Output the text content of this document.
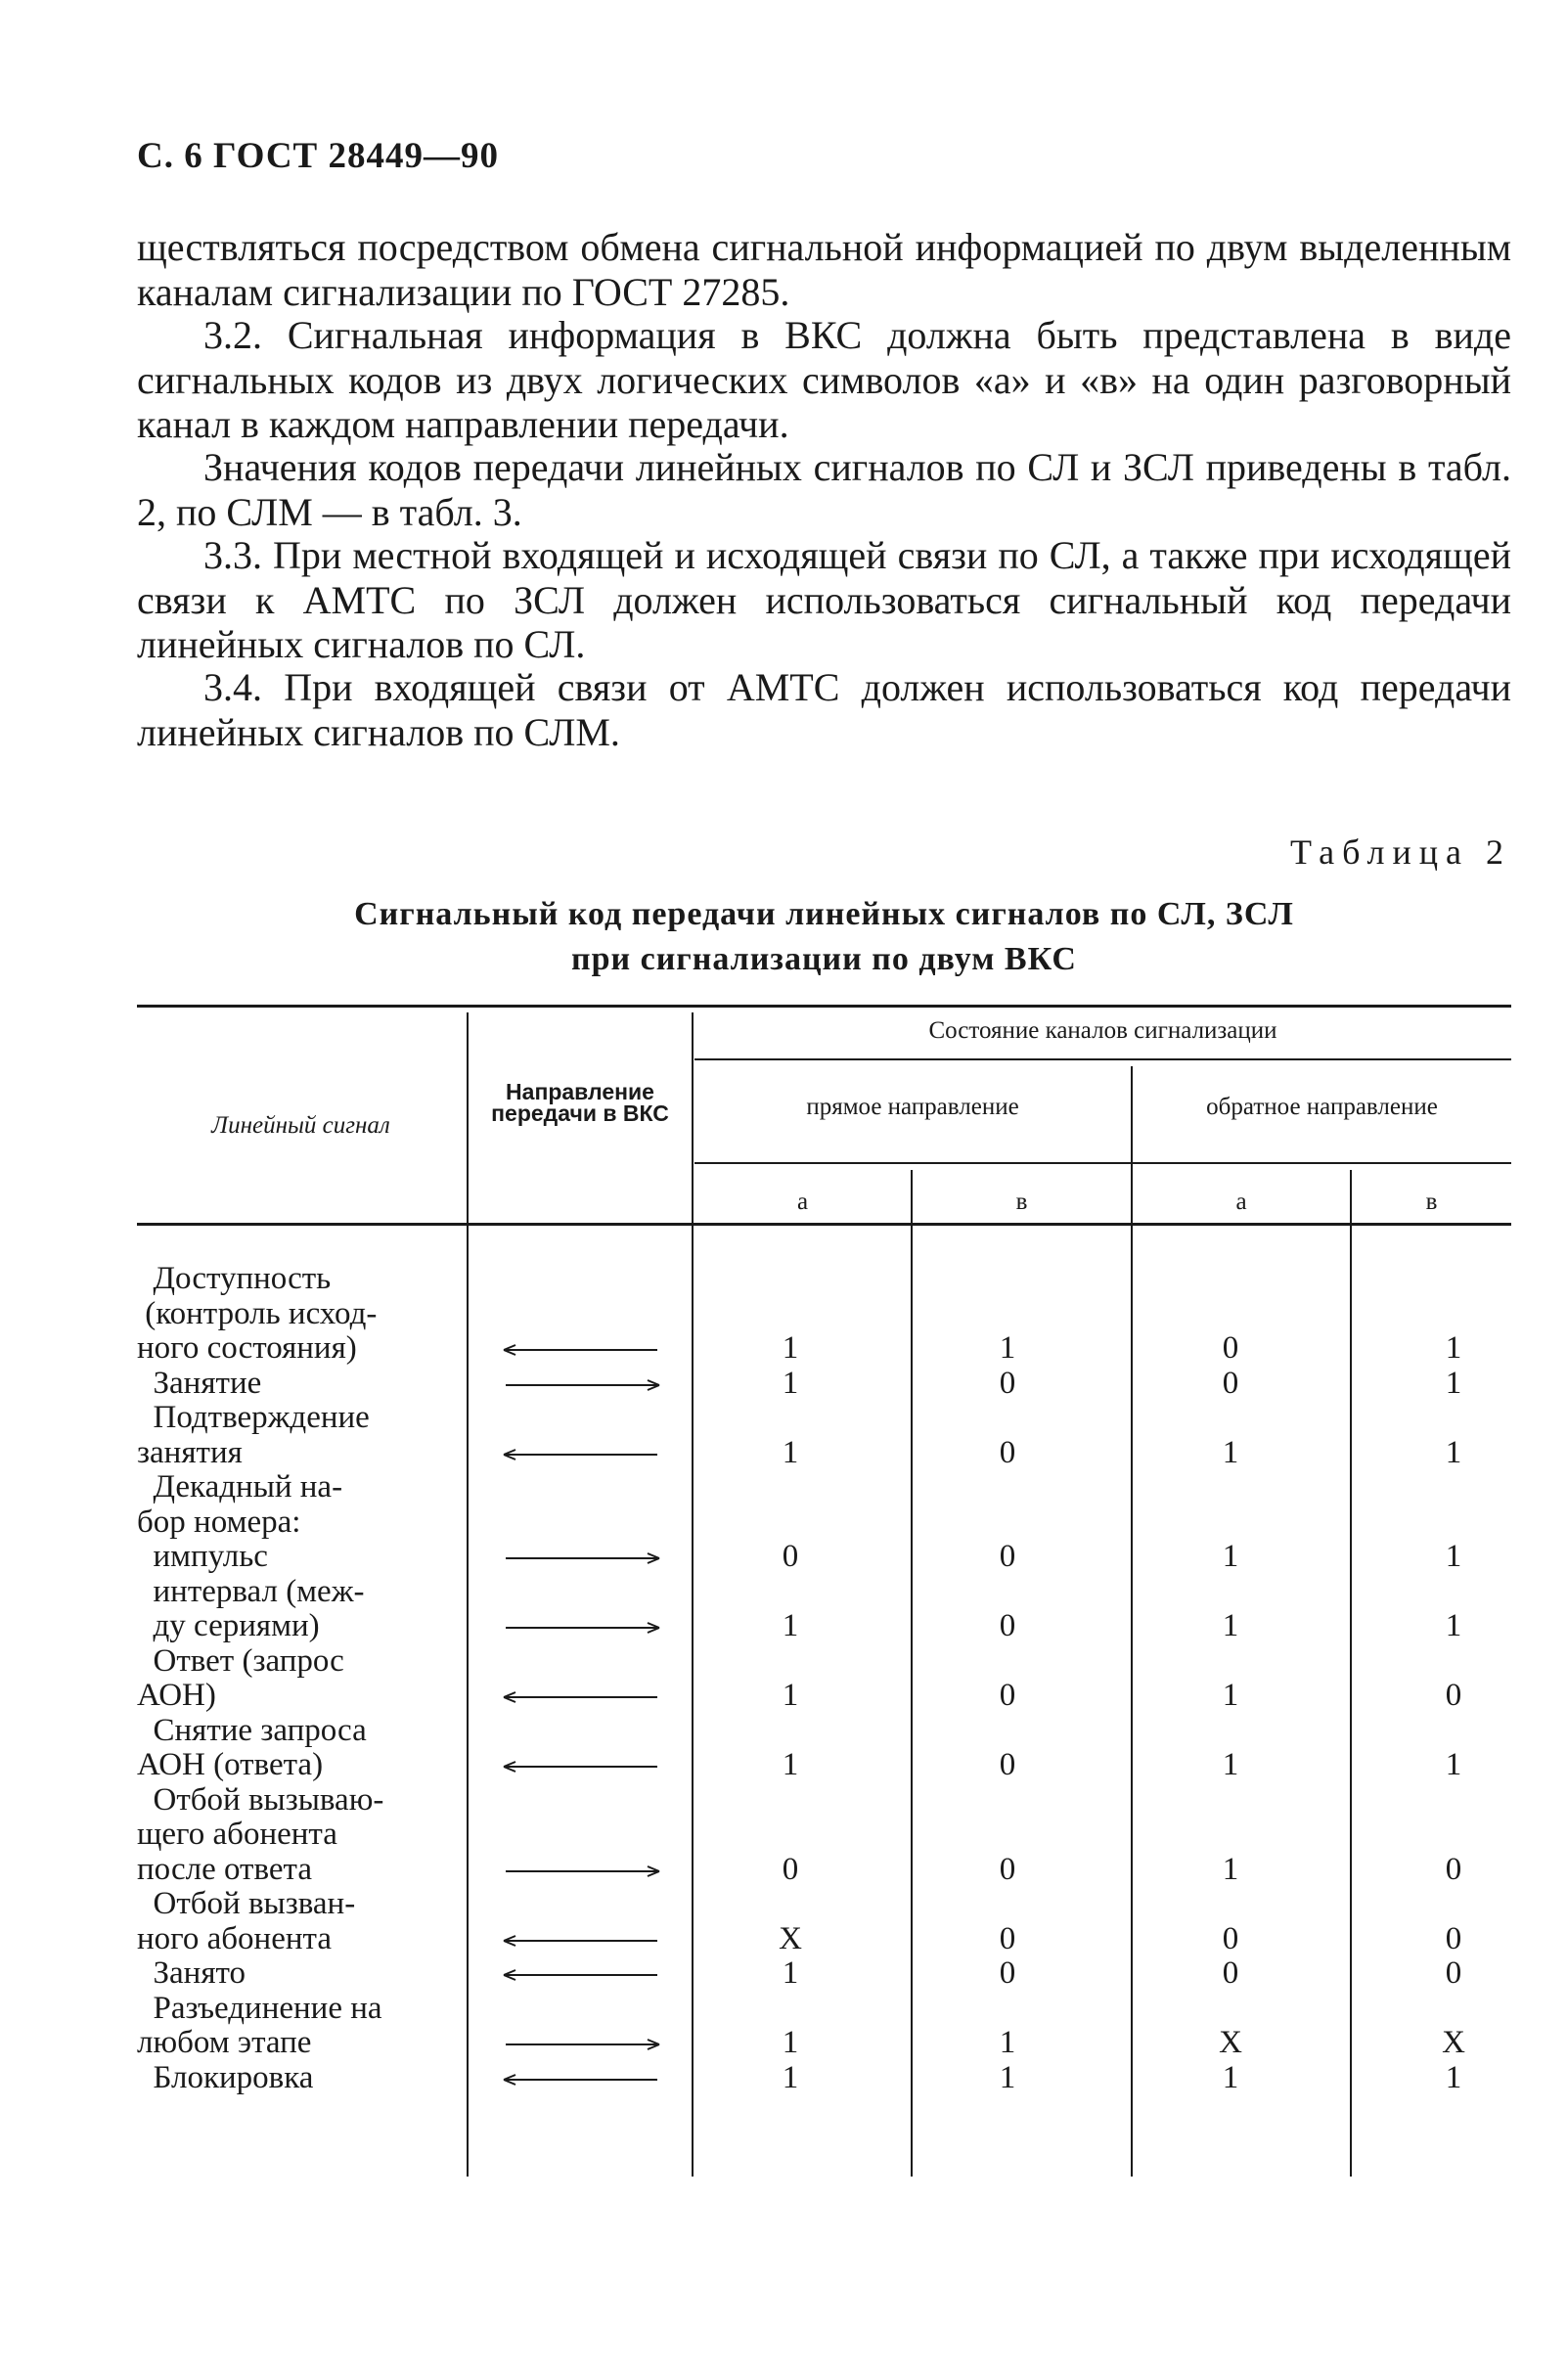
С. 6 ГОСТ 28449—90

ществляться посредством обмена сигнальной информацией по двум выделенным каналам сигнализации по ГОСТ 27285.

3.2. Сигнальная информация в ВКС должна быть представлена в виде сигнальных кодов из двух логических символов «а» и «в» на один разговорный канал в каждом направлении передачи.

Значения кодов передачи линейных сигналов по СЛ и ЗСЛ приведены в табл. 2, по СЛМ — в табл. 3.

3.3. При местной входящей и исходящей связи по СЛ, а также при исходящей связи к АМТС по ЗСЛ должен использоваться сигнальный код передачи линейных сигналов по СЛ.

3.4. При входящей связи от АМТС должен использоваться код передачи линейных сигналов по СЛМ.

Таблица 2
Сигнальный код передачи линейных сигналов по СЛ, ЗСЛ
при сигнализации по двум ВКС
Линейный сигнал
Направление передачи в ВКС
Состояние каналов сигнализации
прямое направление	обратное направление
а	в	а	в
Доступность
(контроль исход-
ного состояния)	1	1	0	1
Занятие	1	0	0	1
Подтверждение
занятия	1	0	1	1
Декадный на-
бор номера:
импульс	0	0	1	1
интервал (меж-
ду сериями)	1	0	1	1
Ответ (запрос
АОН)	1	0	1	0
Снятие запроса
АОН (ответа)	1	0	1	1
Отбой вызываю-
щего абонента
после ответа	0	0	1	0
Отбой вызван-
ного абонента	X	0	0	0
Занято	1	0	0	0
Разъединение на
любом этапе	1	1	X	X
Блокировка	1	1	1	1
